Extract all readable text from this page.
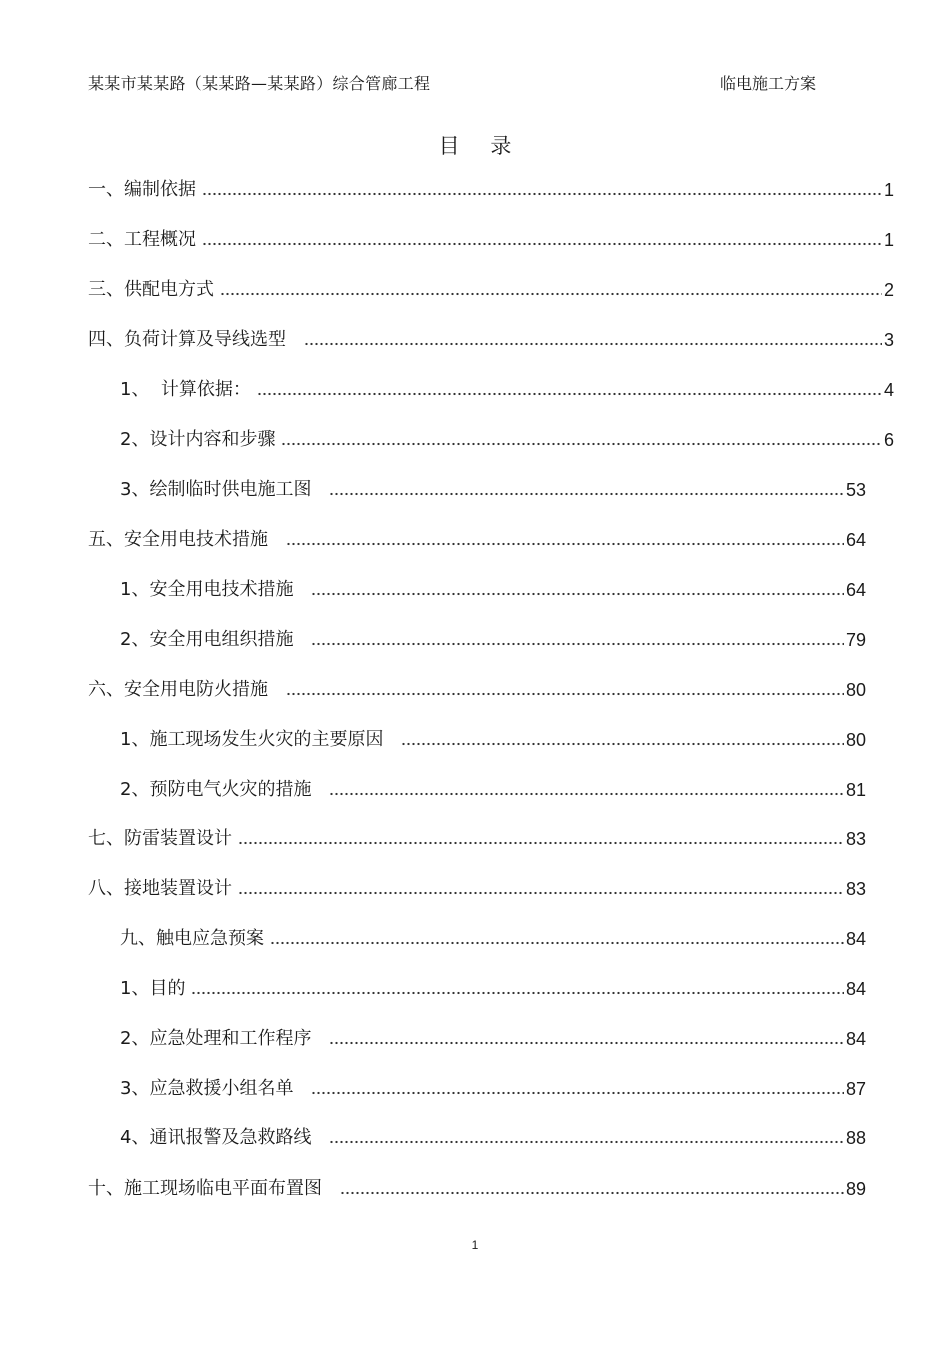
某某市某某路（某某路—某某路）综合管廊工程	临电施工方案
目 录
一、编制依据	1
二、工程概况	1
三、供配电方式	2
四、负荷计算及导线选型	3
1、  计算依据：	4
2、设计内容和步骤	6
3、绘制临时供电施工图	53
五、安全用电技术措施	64
1、安全用电技术措施	64
2、安全用电组织措施	79
六、安全用电防火措施	80
1、施工现场发生火灾的主要原因	80
2、预防电气火灾的措施	81
七、防雷装置设计	83
八、接地装置设计	83
九、触电应急预案	84
1、目的	84
2、应急处理和工作程序	84
3、应急救援小组名单	87
4、通讯报警及急救路线	88
十、施工现场临电平面布置图	89
1
